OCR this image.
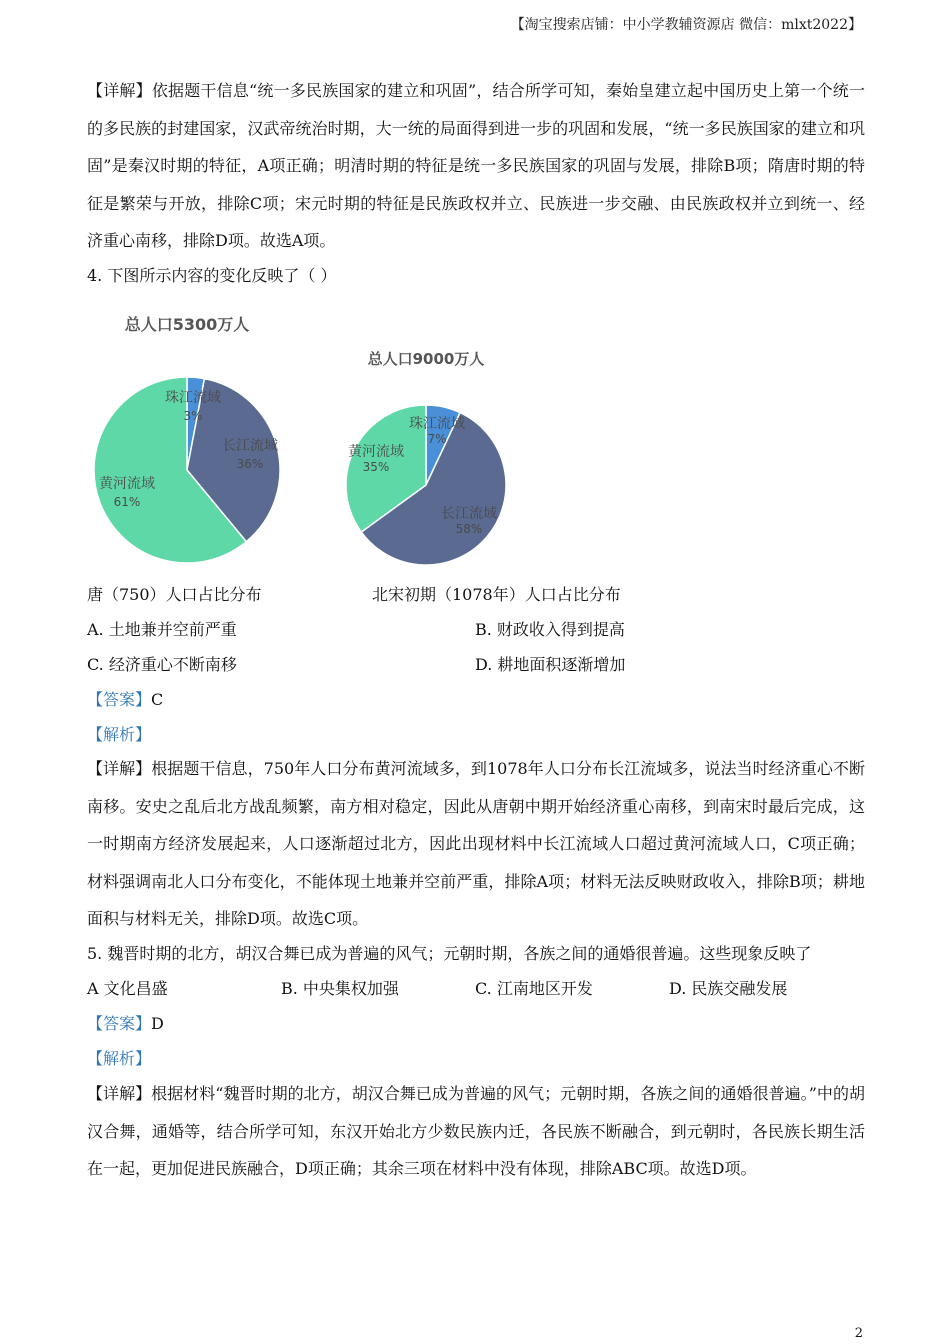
【淘宝搜索店铺：中小学教辅资源店 微信：mlxt2022】
【详解】依据题干信息“统一多民族国家的建立和巩固”，结合所学可知，秦始皇建立起中国历史上第一个统一的多民族的封建国家，汉武帝统治时期，大一统的局面得到进一步的巩固和发展，“统一多民族国家的建立和巩固”是秦汉时期的特征，A项正确；明清时期的特征是统一多民族国家的巩固与发展，排除B项；隋唐时期的特征是繁荣与开放，排除C项；宋元时期的特征是民族政权并立、民族进一步交融、由民族政权并立到统一、经济重心南移，排除D项。故选A项。
4. 下图所示内容的变化反映了（ ）
珠江流域
3%
长江流域
36%
黄河流域
61%
总人口5300万人
珠江流域
7%
长江流域
58%
黄河流域
35%
总人口9000万人
唐（750）人口占比分布	北宋初期（1078年）人口占比分布
A. 土地兼并空前严重	B. 财政收入得到提高
C. 经济重心不断南移	D. 耕地面积逐渐增加
【答案】C
【解析】
【详解】根据题干信息，750年人口分布黄河流域多，到1078年人口分布长江流域多，说法当时经济重心不断南移。安史之乱后北方战乱频繁，南方相对稳定，因此从唐朝中期开始经济重心南移，到南宋时最后完成，这一时期南方经济发展起来，人口逐渐超过北方，因此出现材料中长江流域人口超过黄河流域人口，C项正确；材料强调南北人口分布变化，不能体现土地兼并空前严重，排除A项；材料无法反映财政收入，排除B项；耕地面积与材料无关，排除D项。故选C项。
5. 魏晋时期的北方，胡汉合舞已成为普遍的风气；元朝时期，各族之间的通婚很普遍。这些现象反映了
A 文化昌盛	B. 中央集权加强	C. 江南地区开发	D. 民族交融发展
【答案】D
【解析】
【详解】根据材料“魏晋时期的北方，胡汉合舞已成为普遍的风气；元朝时期，各族之间的通婚很普遍。”中的胡汉合舞，通婚等，结合所学可知，东汉开始北方少数民族内迁，各民族不断融合，到元朝时，各民族长期生活在一起，更加促进民族融合，D项正确；其余三项在材料中没有体现，排除ABC项。故选D项。
2
